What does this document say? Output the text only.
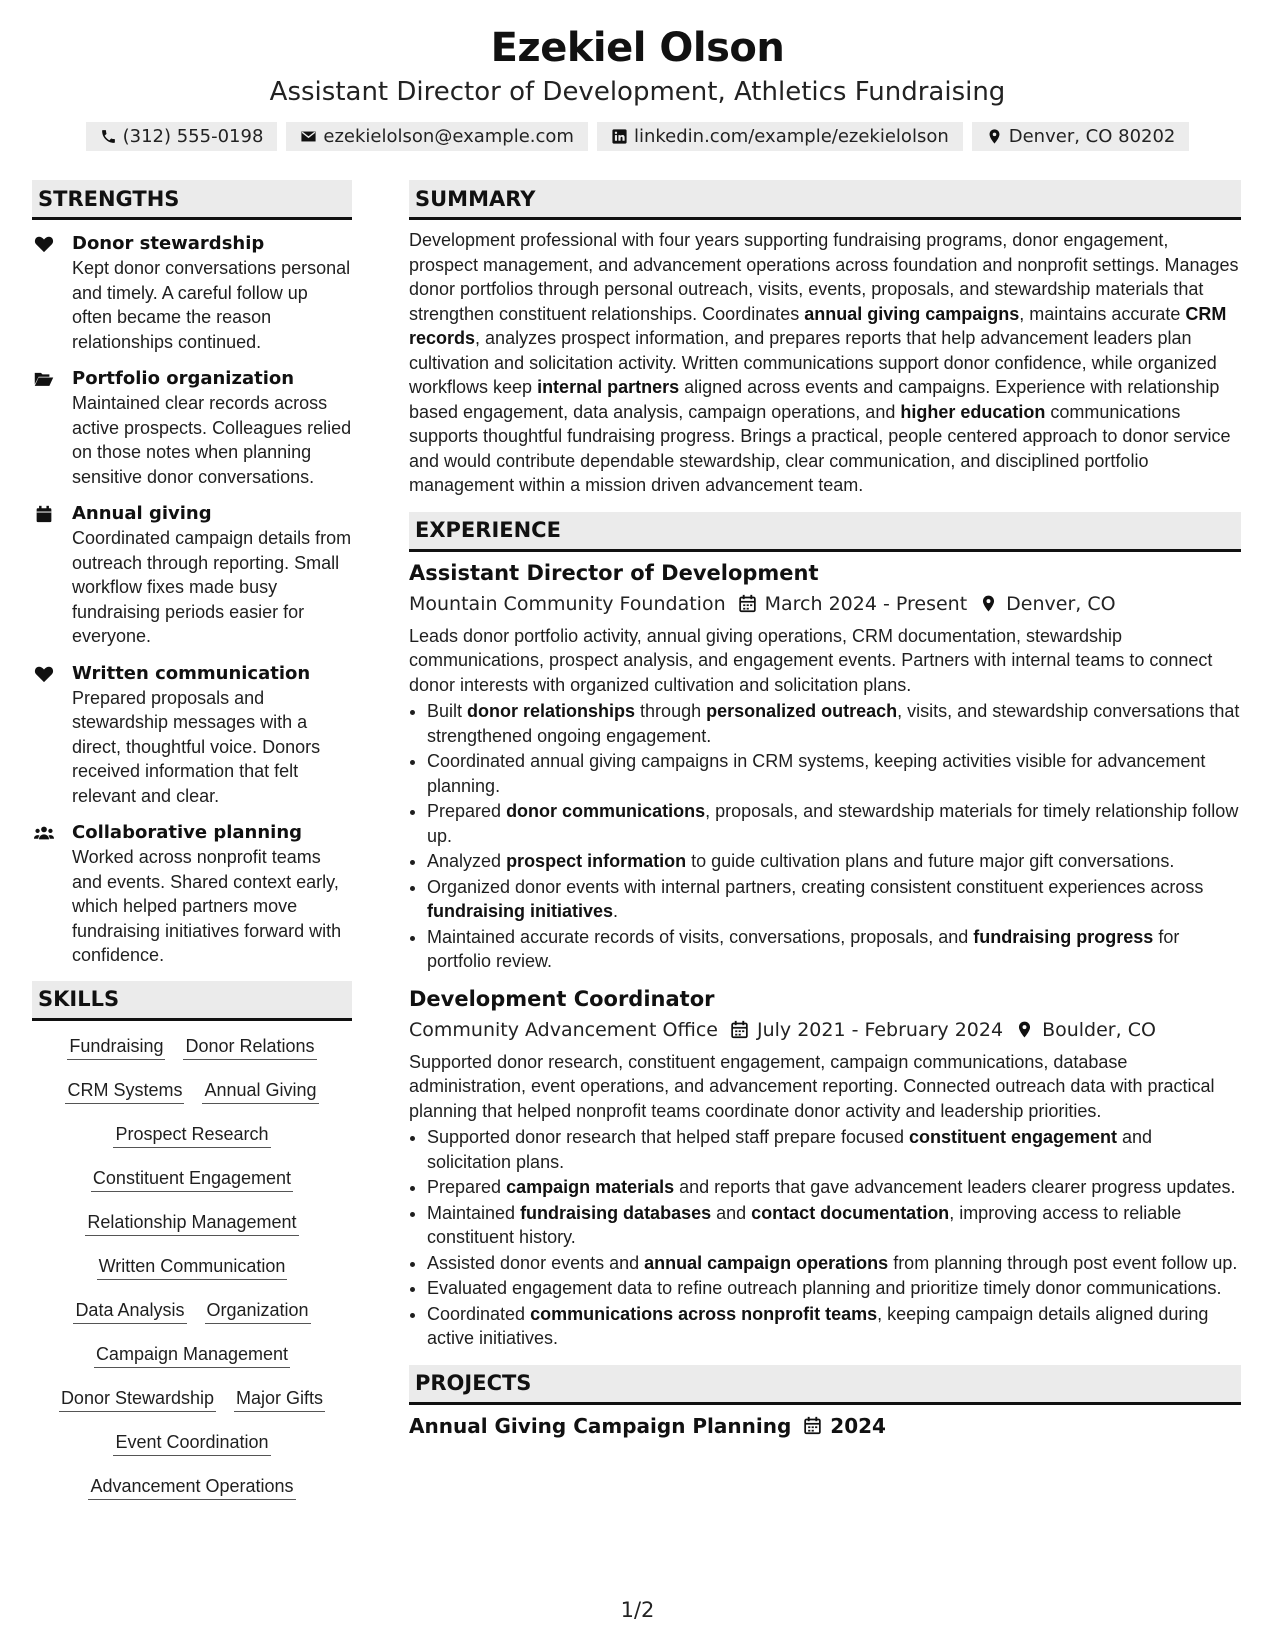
Ezekiel Olson

Assistant Director of Development, Athletics Fundraising

(312) 555-0198	ezekielolson@example.com	linkedin.com/example/ezekielolson	Denver, CO 80202
STRENGTHS
Donor stewardship
Kept donor conversations personal and timely. A careful follow up often became the reason relationships continued.
Portfolio organization
Maintained clear records across active prospects. Colleagues relied on those notes when planning sensitive donor conversations.
Annual giving
Coordinated campaign details from outreach through reporting. Small workflow fixes made busy fundraising periods easier for everyone.
Written communication
Prepared proposals and stewardship messages with a direct, thoughtful voice. Donors received information that felt relevant and clear.
Collaborative planning
Worked across nonprofit teams and events. Shared context early, which helped partners move fundraising initiatives forward with confidence.
SKILLS
Fundraising Donor Relations
CRM Systems Annual Giving
Prospect Research
Constituent Engagement
Relationship Management
Written Communication
Data Analysis Organization
Campaign Management
Donor Stewardship Major Gifts
Event Coordination
Advancement Operations
SUMMARY
Development professional with four years supporting fundraising programs, donor engagement, prospect management, and advancement operations across foundation and nonprofit settings. Manages donor portfolios through personal outreach, visits, events, proposals, and stewardship materials that strengthen constituent relationships. Coordinates annual giving campaigns, maintains accurate CRM records, analyzes prospect information, and prepares reports that help advancement leaders plan cultivation and solicitation activity. Written communications support donor confidence, while organized workflows keep internal partners aligned across events and campaigns. Experience with relationship based engagement, data analysis, campaign operations, and higher education communications supports thoughtful fundraising progress. Brings a practical, people centered approach to donor service and would contribute dependable stewardship, clear communication, and disciplined portfolio management within a mission driven advancement team.
EXPERIENCE
Assistant Director of Development
Mountain Community Foundation March 2024 - Present Denver, CO
Leads donor portfolio activity, annual giving operations, CRM documentation, stewardship communications, prospect analysis, and engagement events. Partners with internal teams to connect donor interests with organized cultivation and solicitation plans.
• Built donor relationships through personalized outreach, visits, and stewardship conversations that strengthened ongoing engagement.
• Coordinated annual giving campaigns in CRM systems, keeping activities visible for advancement planning.
• Prepared donor communications, proposals, and stewardship materials for timely relationship follow up.
• Analyzed prospect information to guide cultivation plans and future major gift conversations.
• Organized donor events with internal partners, creating consistent constituent experiences across fundraising initiatives.
• Maintained accurate records of visits, conversations, proposals, and fundraising progress for portfolio review.
Development Coordinator
Community Advancement Office July 2021 - February 2024 Boulder, CO
Supported donor research, constituent engagement, campaign communications, database administration, event operations, and advancement reporting. Connected outreach data with practical planning that helped nonprofit teams coordinate donor activity and leadership priorities.
• Supported donor research that helped staff prepare focused constituent engagement and solicitation plans.
• Prepared campaign materials and reports that gave advancement leaders clearer progress updates.
• Maintained fundraising databases and contact documentation, improving access to reliable constituent history.
• Assisted donor events and annual campaign operations from planning through post event follow up.
• Evaluated engagement data to refine outreach planning and prioritize timely donor communications.
• Coordinated communications across nonprofit teams, keeping campaign details aligned during active initiatives.
PROJECTS
Annual Giving Campaign Planning 2024
1/2
